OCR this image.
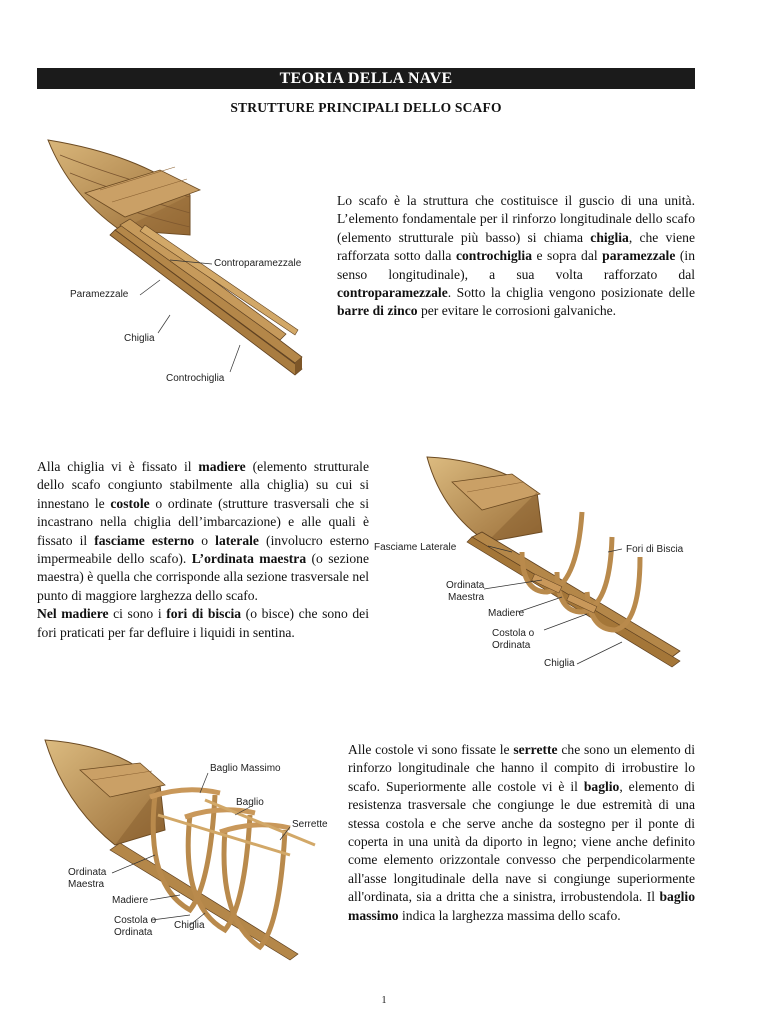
TEORIA DELLA NAVE
STRUTTURE PRINCIPALI DELLO SCAFO
Controparamezzale
Paramezzale
Chiglia
Controchiglia

Lo scafo è la struttura che costituisce il guscio di una unità. L’elemento fondamentale per il rinforzo longitudinale dello scafo (elemento strutturale più basso) si chiama chiglia, che viene rafforzata sotto dalla controchiglia e sopra dal paramezzale (in senso longitudinale), a sua volta rafforzato dal controparamezzale. Sotto la chiglia vengono posizionate delle barre di zinco per evitare le corrosioni galvaniche.

Alla chiglia vi è fissato il madiere (elemento strutturale dello scafo congiunto stabilmente alla chiglia) su cui si innestano le costole o ordinate (strutture trasversali che si incastrano nella chiglia dell’imbarcazione) e alle quali è fissato il fasciame esterno o laterale (involucro esterno impermeabile dello scafo). L’ordinata maestra (o sezione maestra) è quella che corrisponde alla sezione trasversale nel punto di maggiore larghezza dello scafo.

Nel madiere ci sono i fori di biscia (o bisce) che sono dei fori praticati per far defluire i liquidi in sentina.

Fasciame Laterale	Fori di Biscia
Ordinata
Maestra
Madiere
Costola o
Ordinata
Chiglia
Baglio Massimo
Baglio
Serrette
Ordinata
Maestra
Madiere
Costola o
Ordinata
Chiglia

Alle costole vi sono fissate le serrette che sono un elemento di rinforzo longitudinale che hanno il compito di irrobustire lo scafo. Superiormente alle costole vi è il baglio, elemento di resistenza trasversale che congiunge le due estremità di una stessa costola e che serve anche da sostegno per il ponte di coperta in una unità da diporto in legno; viene anche definito come elemento orizzontale convesso che perpendicolarmente all'asse longitudinale della nave si congiunge superiormente all'ordinata, sia a dritta che a sinistra, irrobustendola. Il baglio massimo indica la larghezza massima dello scafo.

1
